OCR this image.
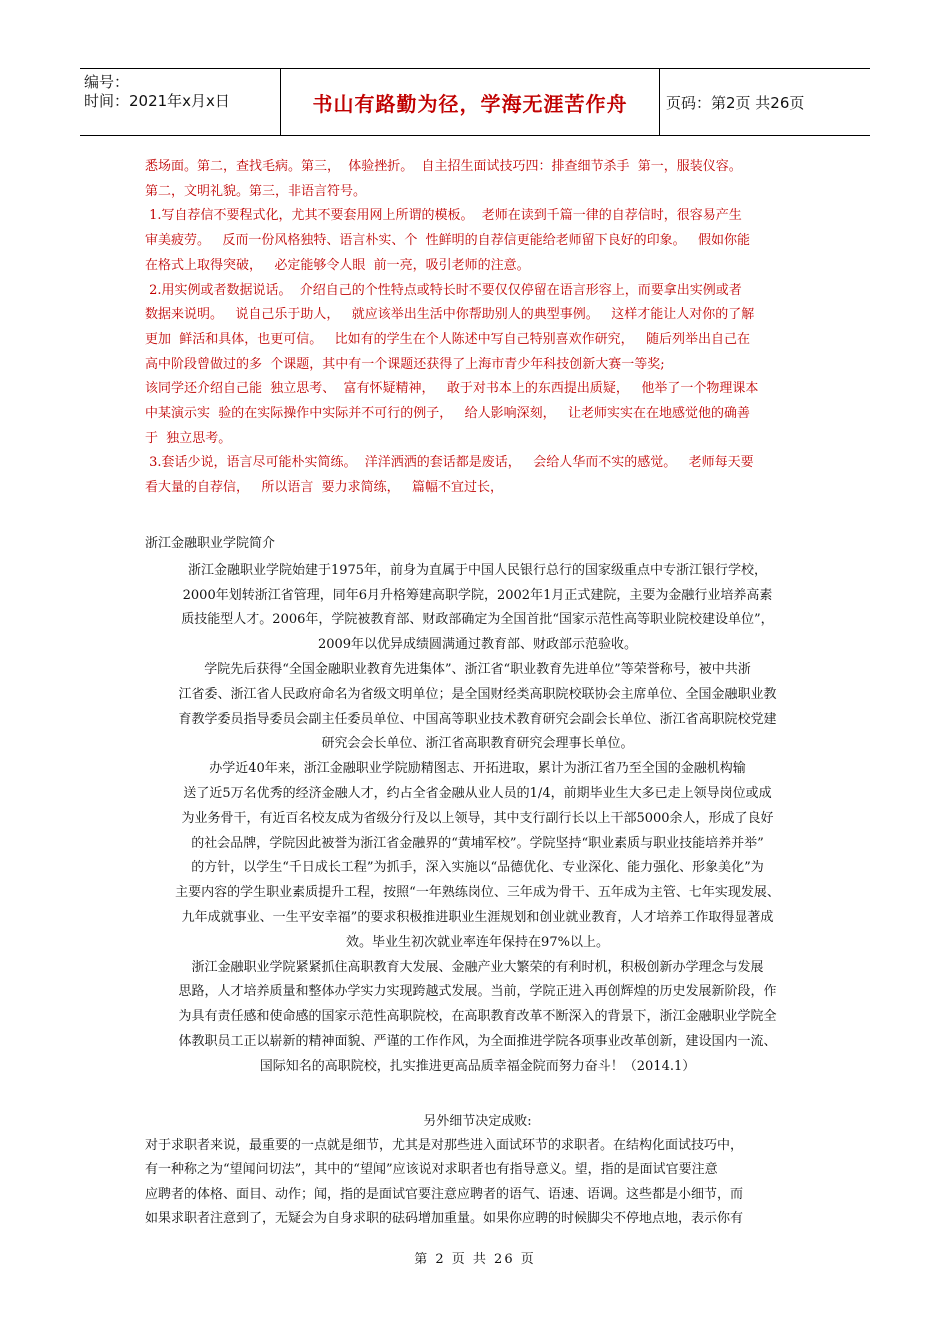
编号：
时间：2021年x月x日	书山有路勤为径，学海无涯苦作舟	页码：第2页 共26页

悉场面。第二，查找毛病。第三，  体验挫折。  自主招生面试技巧四：排查细节杀手  第一，服装仪容。

第二，文明礼貌。第三，非语言符号。

1.写自荐信不要程式化，尤其不要套用网上所谓的模板。  老师在读到千篇一律的自荐信时，很容易产生

审美疲劳。   反而一份风格独特、语言朴实、个  性鲜明的自荐信更能给老师留下良好的印象。   假如你能

在格式上取得突破，   必定能够令人眼  前一亮，吸引老师的注意。

2.用实例或者数据说话。  介绍自己的个性特点或特长时不要仅仅停留在语言形容上，而要拿出实例或者

数据来说明。   说自己乐于助人，   就应该举出生活中你帮助别人的典型事例。   这样才能让人对你的了解

更加  鲜活和具体，也更可信。   比如有的学生在个人陈述中写自己特别喜欢作研究，   随后列举出自己在

高中阶段曾做过的多  个课题，其中有一个课题还获得了上海市青少年科技创新大赛一等奖;

该同学还介绍自己能  独立思考、  富有怀疑精神，   敢于对书本上的东西提出质疑，   他举了一个物理课本

中某演示实  验的在实际操作中实际并不可行的例子，   给人影响深刻，   让老师实实在在地感觉他的确善

于  独立思考。

3.套话少说，语言尽可能朴实简练。  洋洋洒洒的套话都是废话，   会给人华而不实的感觉。   老师每天要

看大量的自荐信，   所以语言  要力求简练，   篇幅不宜过长，

浙江金融职业学院简介

浙江金融职业学院始建于1975年，前身为直属于中国人民银行总行的国家级重点中专浙江银行学校，

2000年划转浙江省管理，同年6月升格筹建高职学院，2002年1月正式建院，主要为金融行业培养高素

质技能型人才。2006年，学院被教育部、财政部确定为全国首批“国家示范性高等职业院校建设单位”，

2009年以优异成绩圆满通过教育部、财政部示范验收。

学院先后获得“全国金融职业教育先进集体”、浙江省“职业教育先进单位”等荣誉称号，被中共浙

江省委、浙江省人民政府命名为省级文明单位；是全国财经类高职院校联协会主席单位、全国金融职业教

育教学委员指导委员会副主任委员单位、中国高等职业技术教育研究会副会长单位、浙江省高职院校党建

研究会会长单位、浙江省高职教育研究会理事长单位。

办学近40年来，浙江金融职业学院励精图志、开拓进取，累计为浙江省乃至全国的金融机构输

送了近5万名优秀的经济金融人才，约占全省金融从业人员的1/4，前期毕业生大多已走上领导岗位或成

为业务骨干，有近百名校友成为省级分行及以上领导，其中支行副行长以上干部5000余人，形成了良好

的社会品牌，学院因此被誉为浙江省金融界的“黄埔军校”。学院坚持“职业素质与职业技能培养并举”

的方针，以学生“千日成长工程”为抓手，深入实施以“品德优化、专业深化、能力强化、形象美化”为

主要内容的学生职业素质提升工程，按照“一年熟练岗位、三年成为骨干、五年成为主管、七年实现发展、

九年成就事业、一生平安幸福”的要求积极推进职业生涯规划和创业就业教育，人才培养工作取得显著成

效。毕业生初次就业率连年保持在97%以上。

浙江金融职业学院紧紧抓住高职教育大发展、金融产业大繁荣的有利时机，积极创新办学理念与发展

思路，人才培养质量和整体办学实力实现跨越式发展。当前，学院正进入再创辉煌的历史发展新阶段，作

为具有责任感和使命感的国家示范性高职院校，在高职教育改革不断深入的背景下，浙江金融职业学院全

体教职员工正以崭新的精神面貌、严谨的工作作风，为全面推进学院各项事业改革创新，建设国内一流、

国际知名的高职院校，扎实推进更高品质幸福金院而努力奋斗！（2014.1）

另外细节决定成败:

对于求职者来说，最重要的一点就是细节，尤其是对那些进入面试环节的求职者。在结构化面试技巧中，

有一种称之为“望闻问切法”，其中的“望闻”应该说对求职者也有指导意义。望，指的是面试官要注意

应聘者的体格、面目、动作；闻，指的是面试官要注意应聘者的语气、语速、语调。这些都是小细节，而

如果求职者注意到了，无疑会为自身求职的砝码增加重量。如果你应聘的时候脚尖不停地点地，表示你有

第 2 页 共 26 页
